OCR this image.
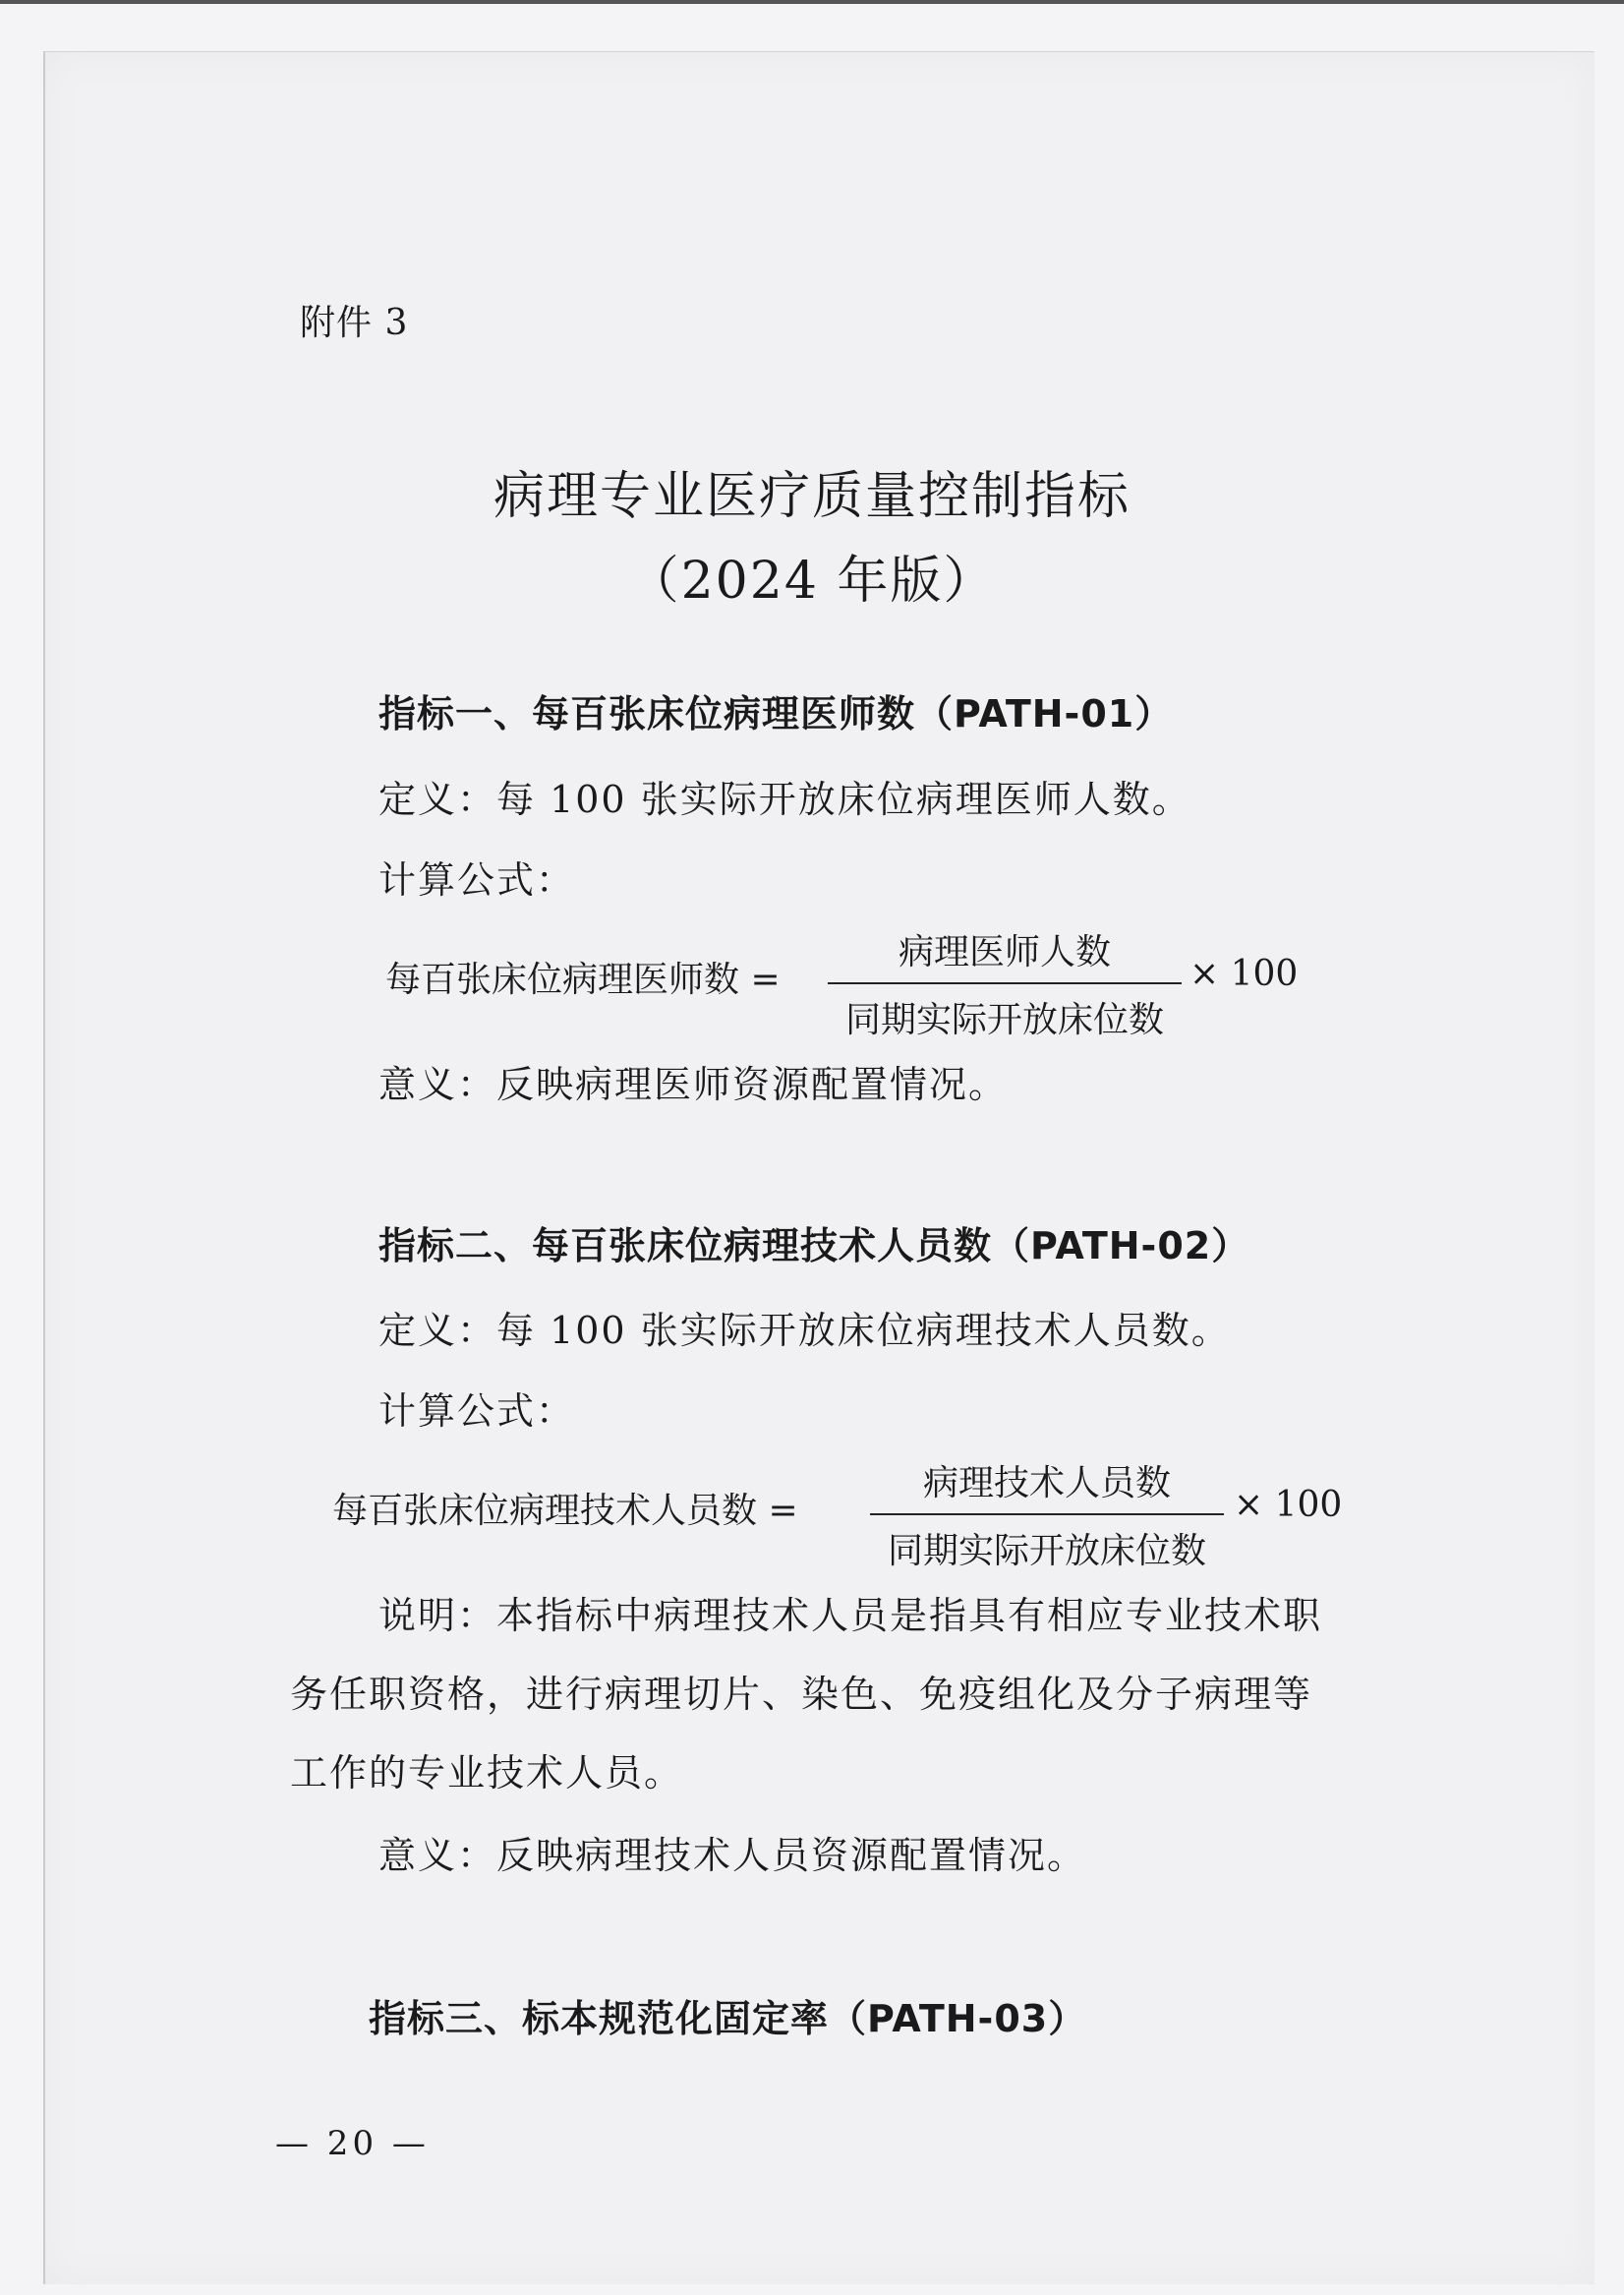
附件 3
病理专业医疗质量控制指标
（2024 年版）
指标一、每百张床位病理医师数（PATH-01）
定义：每 100 张实际开放床位病理医师人数。
计算公式：
每百张床位病理医师数 =
病理医师人数
同期实际开放床位数
× 100
意义：反映病理医师资源配置情况。
指标二、每百张床位病理技术人员数（PATH-02）
定义：每 100 张实际开放床位病理技术人员数。
计算公式：
每百张床位病理技术人员数 =
病理技术人员数
同期实际开放床位数
× 100
说明：本指标中病理技术人员是指具有相应专业技术职
务任职资格，进行病理切片、染色、免疫组化及分子病理等
工作的专业技术人员。
意义：反映病理技术人员资源配置情况。
指标三、标本规范化固定率（PATH-03）
— 20 —
